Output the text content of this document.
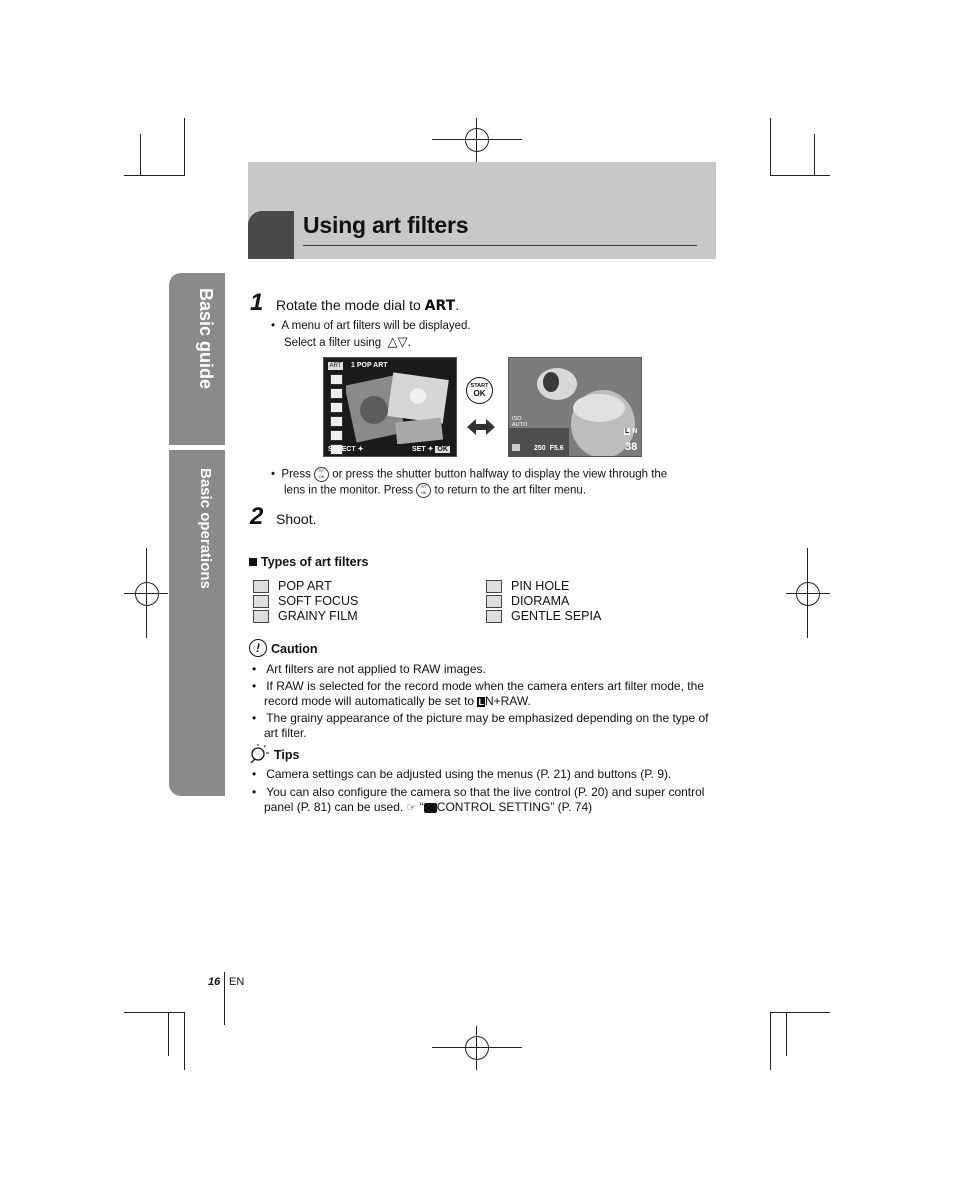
Using art filters
Basic guide
Basic operations
1 Rotate the mode dial to ART.
•  A menu of art filters will be displayed.
Select a filter using △▽.
ART 1 POP ART
SELECT ✦	SET ✦ OK
START
OK
ISO
AUTO
250 F5.6
L N
38
•  Press ST
OK or press the shutter button halfway to display the view through the
lens in the monitor. Press ST
OK to return to the art filter menu.
2 Shoot.
Types of art filters
POP ART
SOFT FOCUS
GRAINY FILM
PIN HOLE
DIORAMA
GENTLE SEPIA
! Caution
•   Art filters are not applied to RAW images.
•   If RAW is selected for the record mode when the camera enters art filter mode, the
record mode will automatically be set to LN+RAW.
•   The grainy appearance of the picture may be emphasized depending on the type of
art filter.
Tips
•   Camera settings can be adjusted using the menus (P. 21) and buttons (P. 9).
•   You can also configure the camera so that the live control (P. 20) and super control
panel (P. 81) can be used. ☞ “ CONTROL SETTING” (P. 74)
16 EN
